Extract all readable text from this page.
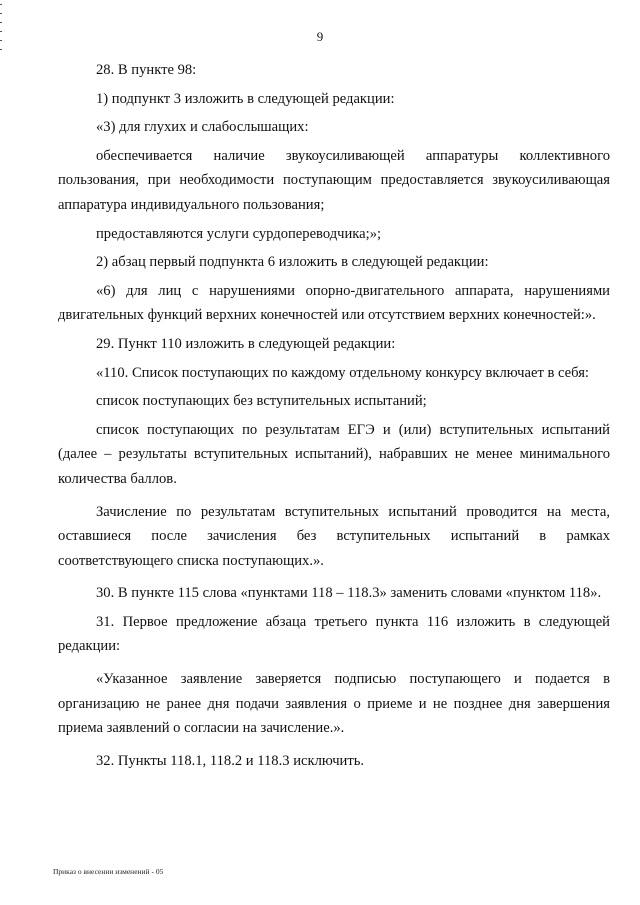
9

28. В пункте 98:

1) подпункт 3 изложить в следующей редакции:

«3) для глухих и слабослышащих:

обеспечивается наличие звукоусиливающей аппаратуры коллективного пользования, при необходимости поступающим предоставляется звукоусиливающая аппаратура индивидуального пользования;

предоставляются услуги сурдопереводчика;»;

2) абзац первый подпункта 6 изложить в следующей редакции:

«6) для лиц с нарушениями опорно-двигательного аппарата, нарушениями двигательных функций верхних конечностей или отсутствием верхних конечностей:».

29. Пункт 110 изложить в следующей редакции:

«110. Список поступающих по каждому отдельному конкурсу включает в себя:

список поступающих без вступительных испытаний;

список поступающих по результатам ЕГЭ и (или) вступительных испытаний (далее – результаты вступительных испытаний), набравших не менее минимального количества баллов.

Зачисление по результатам вступительных испытаний проводится на места, оставшиеся после зачисления без вступительных испытаний в рамках соответствующего списка поступающих.».

30. В пункте 115 слова «пунктами 118 – 118.3» заменить словами «пунктом 118».

31. Первое предложение абзаца третьего пункта 116 изложить в следующей редакции:

«Указанное заявление заверяется подписью поступающего и подается в организацию не ранее дня подачи заявления о приеме и не позднее дня завершения приема заявлений о согласии на зачисление.».

32. Пункты 118.1, 118.2 и 118.3 исключить.

Приказ о внесении изменений - 05
